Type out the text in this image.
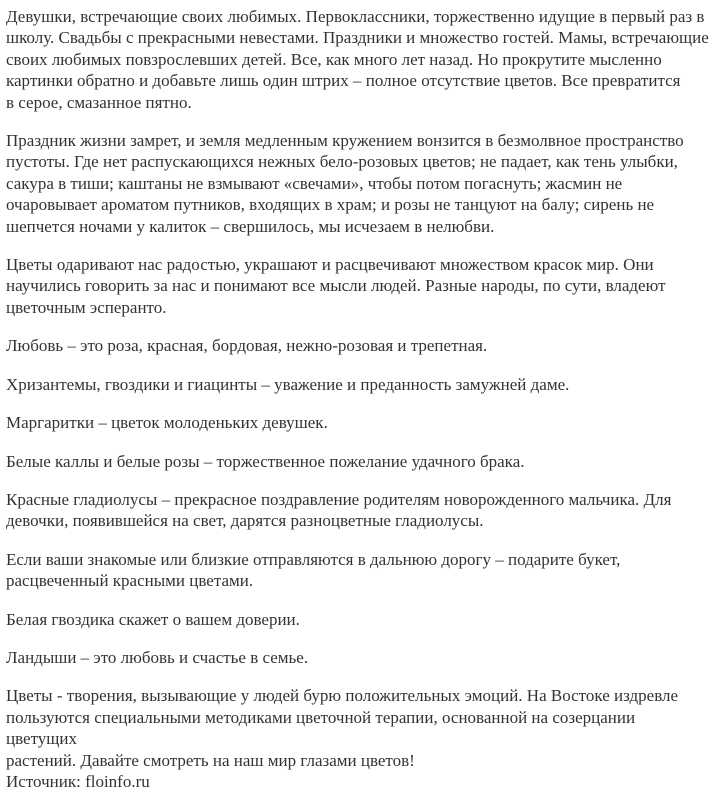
Девушки, встречающие своих любимых. Первоклассники, торжественно идущие в первый раз в
школу. Свадьбы с прекрасными невестами. Праздники и множество гостей. Мамы, встречающие
своих любимых повзрослевших детей. Все, как много лет назад. Но прокрутите мысленно
картинки обратно и добавьте лишь один штрих – полное отсутствие цветов. Все превратится
в серое, смазанное пятно.

Праздник жизни замрет, и земля медленным кружением вонзится в безмолвное пространство
пустоты. Где нет распускающихся нежных бело-розовых цветов; не падает, как тень улыбки,
сакура в тиши; каштаны не взмывают «свечами», чтобы потом погаснуть; жасмин не
очаровывает ароматом путников, входящих в храм; и розы не танцуют на балу; сирень не
шепчется ночами у калиток – свершилось, мы исчезаем в нелюбви.

Цветы одаривают нас радостью, украшают и расцвечивают множеством красок мир. Они
научились говорить за нас и понимают все мысли людей. Разные народы, по сути, владеют
цветочным эсперанто.

Любовь – это роза, красная, бордовая, нежно-розовая и трепетная.

Хризантемы, гвоздики и гиацинты – уважение и преданность замужней даме.

Маргаритки – цветок молоденьких девушек.

Белые каллы и белые розы – торжественное пожелание удачного брака.

Красные гладиолусы – прекрасное поздравление родителям новорожденного мальчика. Для
девочки, появившейся на свет, дарятся разноцветные гладиолусы.

Если ваши знакомые или близкие отправляются в дальнюю дорогу – подарите букет,
расцвеченный красными цветами.

Белая гвоздика скажет о вашем доверии.

Ландыши – это любовь и счастье в семье.

Цветы - творения, вызывающие у людей бурю положительных эмоций. На Востоке издревле
пользуются специальными методиками цветочной терапии, основанной на созерцании цветущих
растений. Давайте смотреть на наш мир глазами цветов!

Источник: floinfo.ru
